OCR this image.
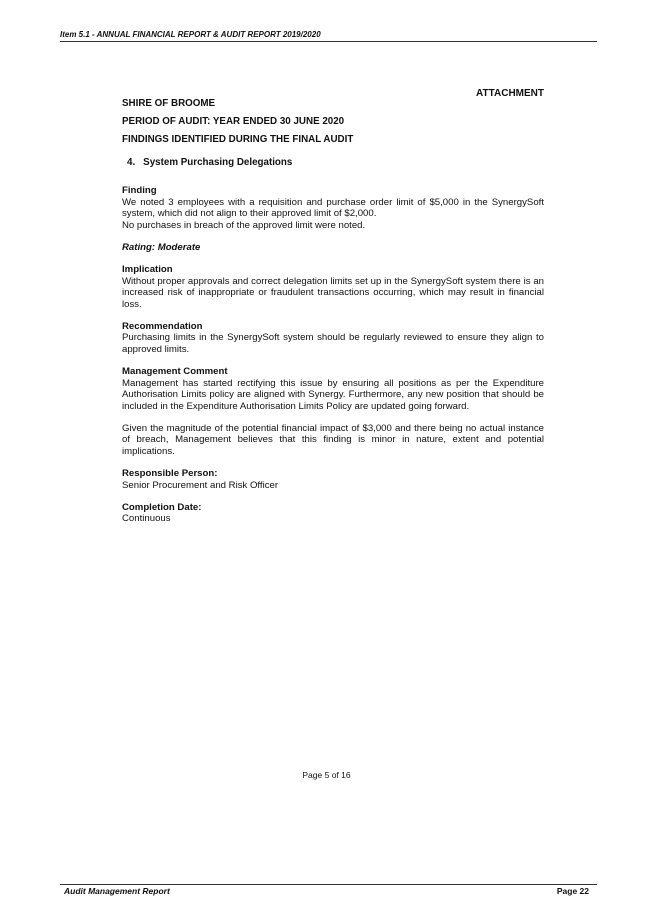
Item 5.1 - ANNUAL FINANCIAL REPORT & AUDIT REPORT 2019/2020
ATTACHMENT

SHIRE OF BROOME

PERIOD OF AUDIT: YEAR ENDED 30 JUNE 2020

FINDINGS IDENTIFIED DURING THE FINAL AUDIT

4. System Purchasing Delegations

Finding

We noted 3 employees with a requisition and purchase order limit of $5,000 in the SynergySoft system, which did not align to their approved limit of $2,000.

No purchases in breach of the approved limit were noted.

Rating: Moderate

Implication

Without proper approvals and correct delegation limits set up in the SynergySoft system there is an increased risk of inappropriate or fraudulent transactions occurring, which may result in financial loss.

Recommendation

Purchasing limits in the SynergySoft system should be regularly reviewed to ensure they align to approved limits.

Management Comment

Management has started rectifying this issue by ensuring all positions as per the Expenditure Authorisation Limits policy are aligned with Synergy. Furthermore, any new position that should be included in the Expenditure Authorisation Limits Policy are updated going forward.

Given the magnitude of the potential financial impact of $3,000 and there being no actual instance of breach, Management believes that this finding is minor in nature, extent and potential implications.

Responsible Person:

Senior Procurement and Risk Officer

Completion Date:

Continuous

Page 5 of 16
Audit Management Report	Page 22
